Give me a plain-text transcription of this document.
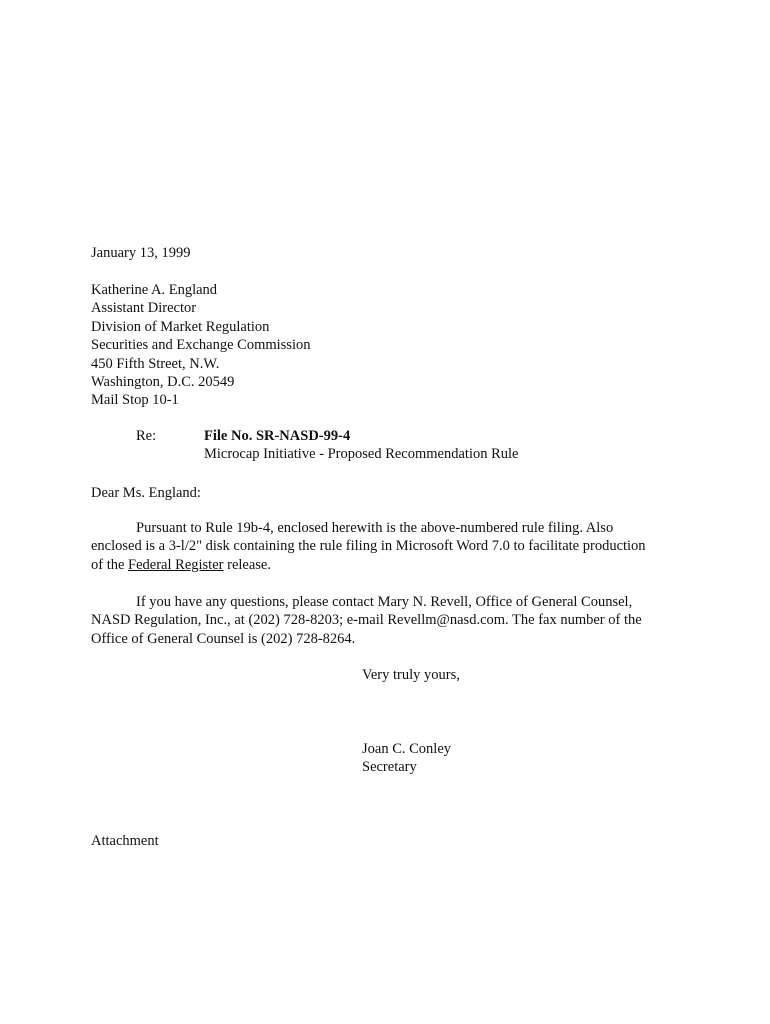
January 13, 1999
Katherine A. England
Assistant Director
Division of Market Regulation
Securities and Exchange Commission
450 Fifth Street, N.W.
Washington, D.C. 20549
Mail Stop 10-1
Re:	File No. SR-NASD-99-4
Microcap Initiative - Proposed Recommendation Rule
Dear Ms. England:
Pursuant to Rule 19b-4, enclosed herewith is the above-numbered rule filing. Also
enclosed is a 3-l/2" disk containing the rule filing in Microsoft Word 7.0 to facilitate production
of the Federal Register release.
If you have any questions, please contact Mary N. Revell, Office of General Counsel,
NASD Regulation, Inc., at (202) 728-8203; e-mail Revellm@nasd.com. The fax number of the
Office of General Counsel is (202) 728-8264.
Very truly yours,
Joan C. Conley
Secretary
Attachment
